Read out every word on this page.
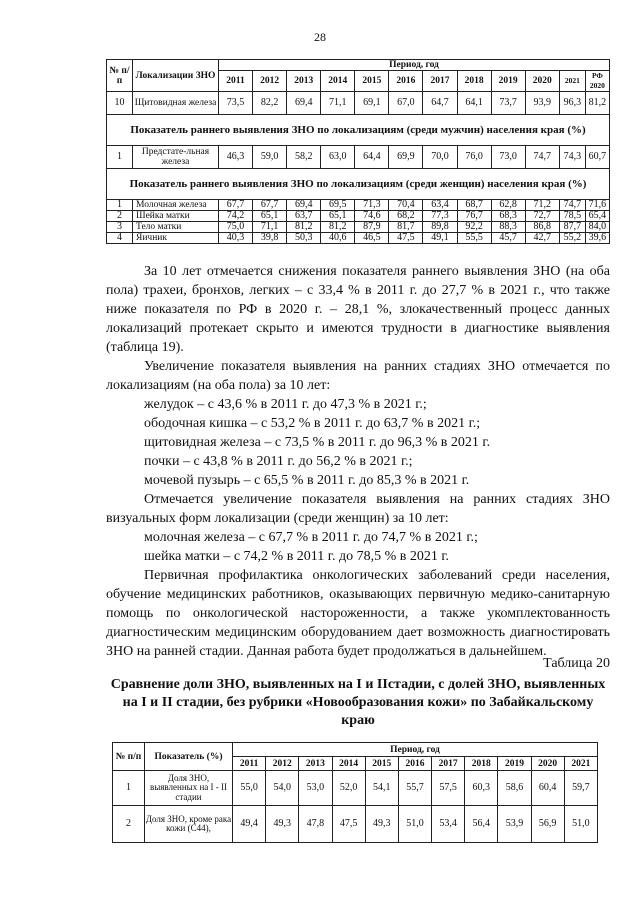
28
№ п/п	Локализации ЗНО	Период, год											
		2011	2012	2013	2014	2015	2016	2017	2018	2019	2020	2021	РФ 2020
10	Щитовидная железа	73,5	82,2	69,4	71,1	69,1	67,0	64,7	64,1	73,7	93,9	96,3	81,2
Показатель раннего выявления ЗНО по локализациям (среди мужчин) населения края (%)													
1	Предстате-льная железа	46,3	59,0	58,2	63,0	64,4	69,9	70,0	76,0	73,0	74,7	74,3	60,7
Показатель раннего выявления ЗНО по локализациям (среди женщин) населения края (%)													
1	Молочная железа	67,7	67,7	69,4	69,5	71,3	70,4	63,4	68,7	62,8	71,2	74,7	71,6
2	Шейка матки	74,2	65,1	63,7	65,1	74,6	68,2	77,3	76,7	68,3	72,7	78,5	65,4
3	Тело матки	75,0	71,1	81,2	81,2	87,9	81,7	89,8	92,2	88,3	86,8	87,7	84,0
4	Яичник	40,3	39,8	50,3	40,6	46,5	47,5	49,1	55,5	45,7	42,7	55,2	39,6

За 10 лет отмечается снижения показателя раннего выявления ЗНО (на оба пола) трахеи, бронхов, легких – с 33,4 % в 2011 г. до 27,7 % в 2021 г., что также ниже показателя по РФ в 2020 г. – 28,1 %, злокачественный процесс данных локализаций протекает скрыто и имеются трудности в диагностике выявления (таблица 19).

Увеличение показателя выявления на ранних стадиях ЗНО отмечается по локализациям (на оба пола) за 10 лет:

желудок – с 43,6 % в 2011 г. до 47,3 % в 2021 г.;

ободочная кишка – с 53,2 % в 2011 г. до 63,7 % в 2021 г.;

щитовидная железа – с 73,5 % в 2011 г. до 96,3 % в 2021 г.

почки – с 43,8 % в 2011 г. до 56,2 % в 2021 г.;

мочевой пузырь – с 65,5 % в 2011 г. до 85,3 % в 2021 г.

Отмечается увеличение показателя выявления на ранних стадиях ЗНО визуальных форм локализации (среди женщин) за 10 лет:

молочная железа – с 67,7 % в 2011 г. до 74,7 % в 2021 г.;

шейка матки – с 74,2 % в 2011 г. до 78,5 % в 2021 г.

Первичная профилактика онкологических заболеваний среди населения, обучение медицинских работников, оказывающих первичную медико-санитарную помощь по онкологической настороженности, а также укомплектованность диагностическим медицинским оборудованием дает возможность диагностировать ЗНО на ранней стадии. Данная работа будет продолжаться в дальнейшем.

Таблица 20
Сравнение доли ЗНО, выявленных на I и IIстадии, с долей ЗНО, выявленных на I и II стадии, без рубрики «Новообразования кожи» по Забайкальскому краю
№ п/п	Показатель (%)	Период, год										
		2011	2012	2013	2014	2015	2016	2017	2018	2019	2020	2021
1	Доля ЗНО, выявленных на I - II стадии	55,0	54,0	53,0	52,0	54,1	55,7	57,5	60,3	58,6	60,4	59,7
2	Доля ЗНО, кроме рака кожи (С44),	49,4	49,3	47,8	47,5	49,3	51,0	53,4	56,4	53,9	56,9	51,0
